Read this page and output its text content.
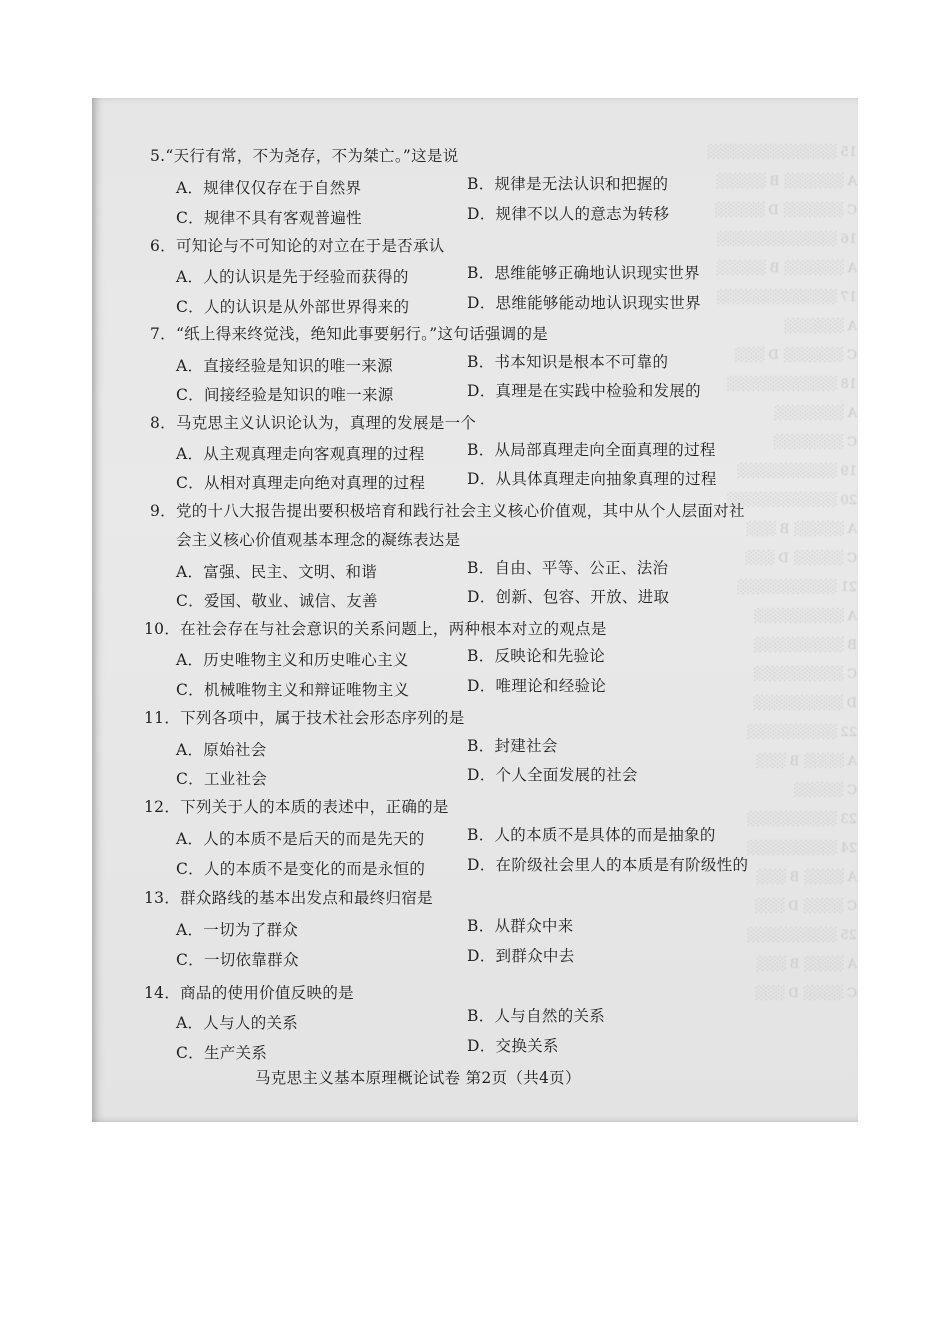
15 ░░░░░░░░░░░░░
A ░░░░░░ B ░░░░░
C ░░░░░░ D ░░░░░
16 ░░░░░░░░░░░░
A ░░░░░░ B ░░░░░
17 ░░░░░░░░░░░░
A ░░░░░░
C ░░░░░░ D ░░░
18 ░░░░░░░░░░░
A ░░░░░░░
C ░░░░░░░
19 ░░░░░░░░░░
20 ░░░░░░░░░░░
A ░░░░░ B ░░░
C ░░░░░ D ░░░
21 ░░░░░░░░░░
A ░░░░░░░░░
B ░░░░░░░░░
C ░░░░░░░░░
D ░░░░░░░░░
22 ░░░░░░░░░
A ░░░░ B ░░░
C ░░░░░
23 ░░░░░░░░░
24 ░░░░░░░░░
A ░░░░ B ░░░
C ░░░░ D ░░░
25 ░░░░░░░░░
A ░░░░ B ░░░
C ░░░░ D ░░░
5.“天行有常，不为尧存，不为桀亡。”这是说
A．规律仅仅存在于自然界	B．规律是无法认识和把握的
C．规律不具有客观普遍性	D．规律不以人的意志为转移
6．可知论与不可知论的对立在于是否承认
A．人的认识是先于经验而获得的	B．思维能够正确地认识现实世界
C．人的认识是从外部世界得来的	D．思维能够能动地认识现实世界
7．“纸上得来终觉浅，绝知此事要躬行。”这句话强调的是
A．直接经验是知识的唯一来源	B．书本知识是根本不可靠的
C．间接经验是知识的唯一来源	D．真理是在实践中检验和发展的
8．马克思主义认识论认为，真理的发展是一个
A．从主观真理走向客观真理的过程	B．从局部真理走向全面真理的过程
C．从相对真理走向绝对真理的过程	D．从具体真理走向抽象真理的过程
9．党的十八大报告提出要积极培育和践行社会主义核心价值观，其中从个人层面对社
会主义核心价值观基本理念的凝练表达是
A．富强、民主、文明、和谐	B．自由、平等、公正、法治
C．爱国、敬业、诚信、友善	D．创新、包容、开放、进取
10．在社会存在与社会意识的关系问题上，两种根本对立的观点是
A．历史唯物主义和历史唯心主义	B．反映论和先验论
C．机械唯物主义和辩证唯物主义	D．唯理论和经验论
11．下列各项中，属于技术社会形态序列的是
A．原始社会	B．封建社会
C．工业社会	D．个人全面发展的社会
12．下列关于人的本质的表述中，正确的是
A．人的本质不是后天的而是先天的	B．人的本质不是具体的而是抽象的
C．人的本质不是变化的而是永恒的	D．在阶级社会里人的本质是有阶级性的
13．群众路线的基本出发点和最终归宿是
A．一切为了群众	B．从群众中来
C．一切依靠群众	D．到群众中去
14．商品的使用价值反映的是
A．人与人的关系	B．人与自然的关系
C．生产关系	D．交换关系
马克思主义基本原理概论试卷 第2页（共4页）
